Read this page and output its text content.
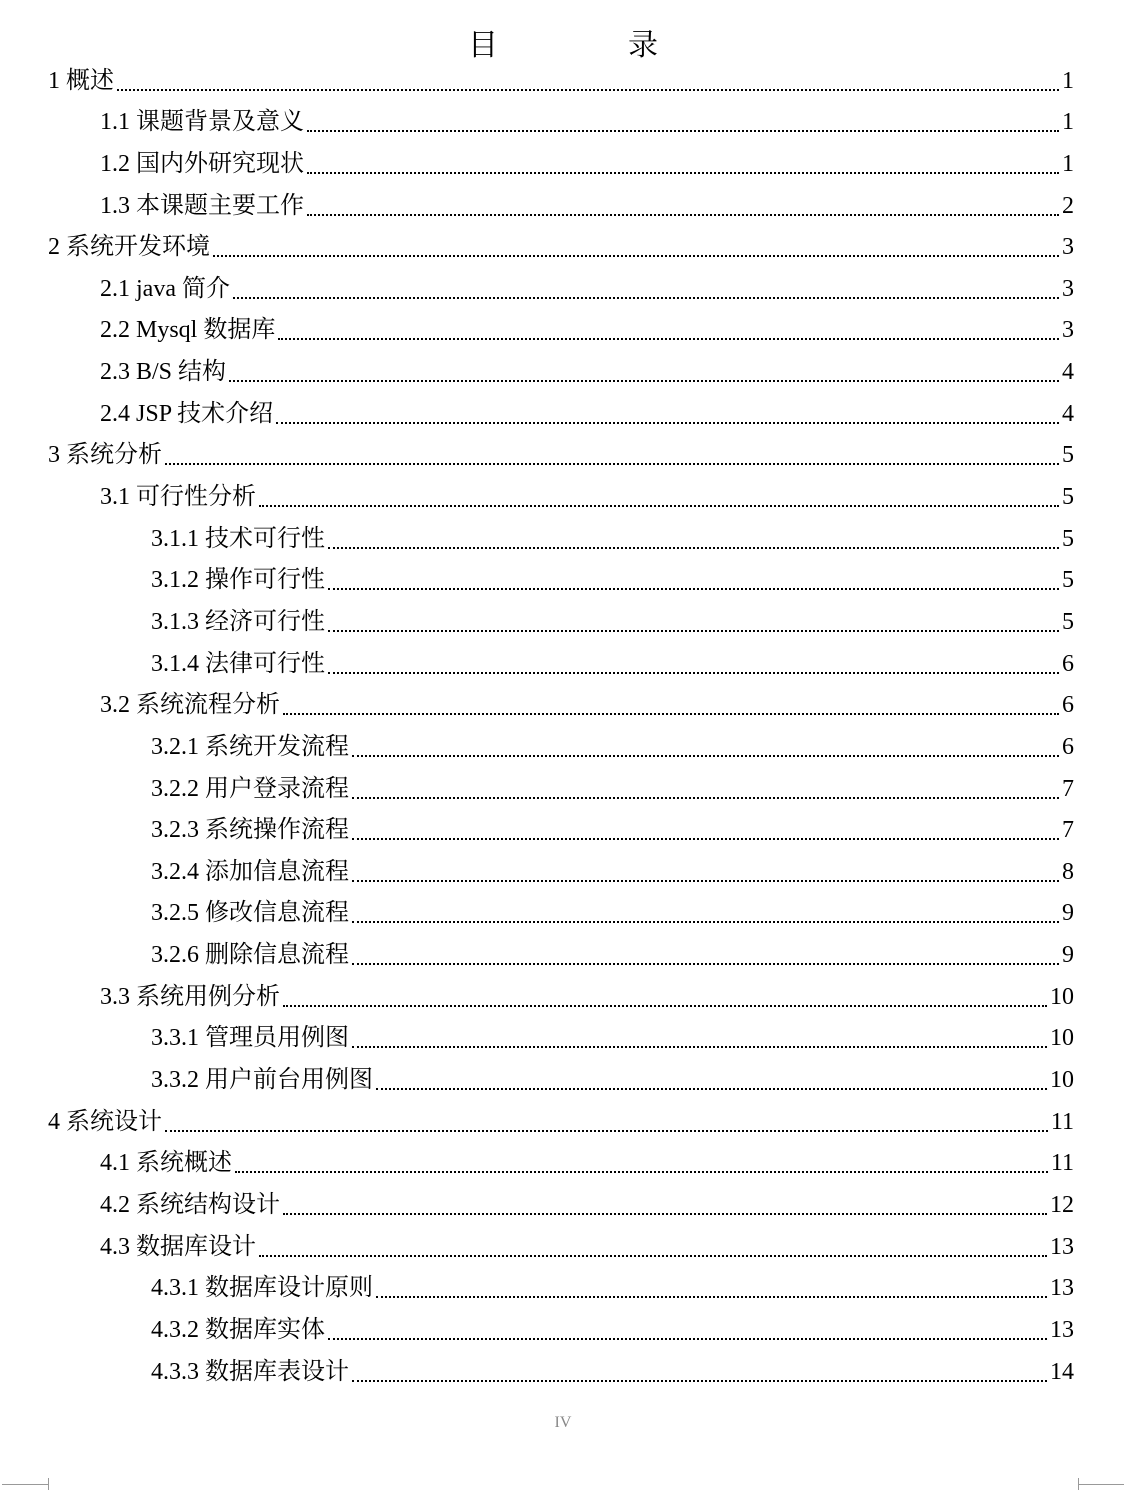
目　录
1 概述	1
1.1 课题背景及意义	1
1.2 国内外研究现状	1
1.3 本课题主要工作	2
2 系统开发环境	3
2.1 java 简介	3
2.2 Mysql 数据库	3
2.3 B/S 结构	4
2.4 JSP 技术介绍	4
3 系统分析	5
3.1 可行性分析	5
3.1.1 技术可行性	5
3.1.2 操作可行性	5
3.1.3 经济可行性	5
3.1.4 法律可行性	6
3.2 系统流程分析	6
3.2.1 系统开发流程	6
3.2.2 用户登录流程	7
3.2.3 系统操作流程	7
3.2.4 添加信息流程	8
3.2.5 修改信息流程	9
3.2.6 删除信息流程	9
3.3 系统用例分析	10
3.3.1 管理员用例图	10
3.3.2 用户前台用例图	10
4 系统设计	11
4.1 系统概述	11
4.2 系统结构设计	12
4.3 数据库设计	13
4.3.1 数据库设计原则	13
4.3.2 数据库实体	13
4.3.3 数据库表设计	14
IV
